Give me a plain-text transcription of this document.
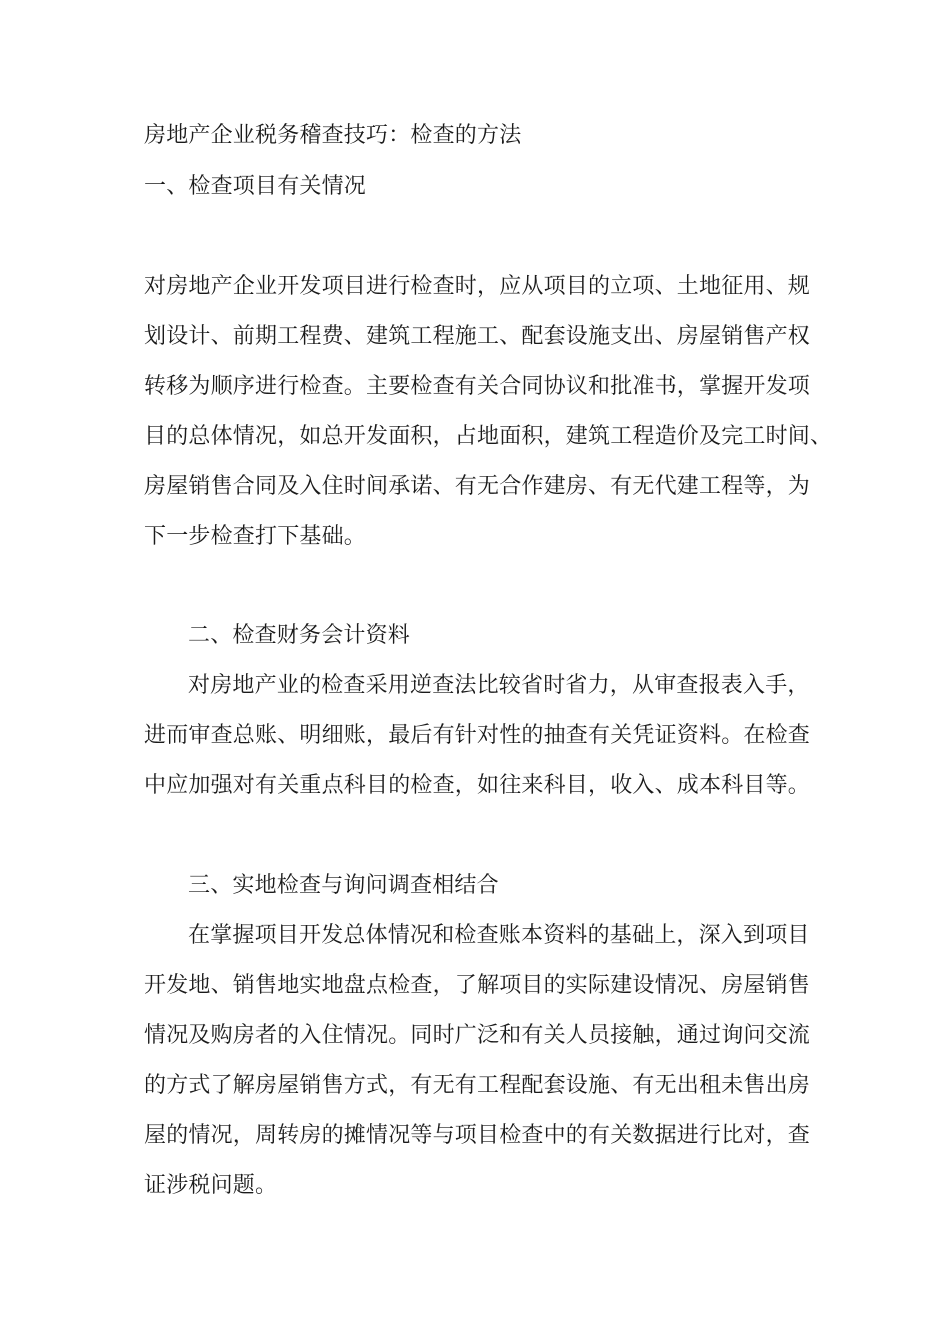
房地产企业税务稽查技巧：检查的方法
一、检查项目有关情况
对房地产企业开发项目进行检查时，应从项目的立项、土地征用、规
划设计、前期工程费、建筑工程施工、配套设施支出、房屋销售产权
转移为顺序进行检查。主要检查有关合同协议和批准书，掌握开发项
目的总体情况，如总开发面积，占地面积，建筑工程造价及完工时间、
房屋销售合同及入住时间承诺、有无合作建房、有无代建工程等，为
下一步检查打下基础。
二、检查财务会计资料
对房地产业的检查采用逆查法比较省时省力，从审查报表入手，
进而审查总账、明细账，最后有针对性的抽查有关凭证资料。在检查
中应加强对有关重点科目的检查，如往来科目，收入、成本科目等。
三、实地检查与询问调查相结合
在掌握项目开发总体情况和检查账本资料的基础上，深入到项目
开发地、销售地实地盘点检查，了解项目的实际建设情况、房屋销售
情况及购房者的入住情况。同时广泛和有关人员接触，通过询问交流
的方式了解房屋销售方式，有无有工程配套设施、有无出租未售出房
屋的情况，周转房的摊情况等与项目检查中的有关数据进行比对，查
证涉税问题。
